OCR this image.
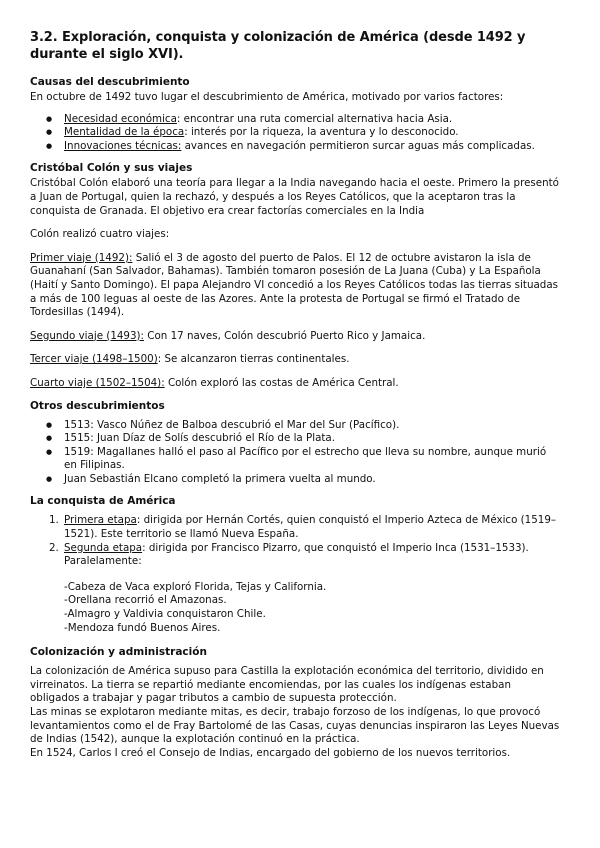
3.2. Exploración, conquista y colonización de América (desde 1492 y durante el siglo XVI).
Causas del descubrimiento

En octubre de 1492 tuvo lugar el descubrimiento de América, motivado por varios factores:

● Necesidad económica: encontrar una ruta comercial alternativa hacia Asia.
● Mentalidad de la época: interés por la riqueza, la aventura y lo desconocido.
● Innovaciones técnicas: avances en navegación permitieron surcar aguas más complicadas.
Cristóbal Colón y sus viajes

Cristóbal Colón elaboró una teoría para llegar a la India navegando hacia el oeste. Primero la presentó a Juan de Portugal, quien la rechazó, y después a los Reyes Católicos, que la aceptaron tras la conquista de Granada. El objetivo era crear factorías comerciales en la India

Colón realizó cuatro viajes:

Primer viaje (1492): Salió el 3 de agosto del puerto de Palos. El 12 de octubre avistaron la isla de Guanahaní (San Salvador, Bahamas). También tomaron posesión de La Juana (Cuba) y La Española (Haití y Santo Domingo). El papa Alejandro VI concedió a los Reyes Católicos todas las tierras situadas a más de 100 leguas al oeste de las Azores. Ante la protesta de Portugal se firmó el Tratado de Tordesillas (1494).

Segundo viaje (1493): Con 17 naves, Colón descubrió Puerto Rico y Jamaica.

Tercer viaje (1498–1500): Se alcanzaron tierras continentales.

Cuarto viaje (1502–1504): Colón exploró las costas de América Central.

Otros descubrimientos
● 1513: Vasco Núñez de Balboa descubrió el Mar del Sur (Pacífico).
● 1515: Juan Díaz de Solís descubrió el Río de la Plata.
● 1519: Magallanes halló el paso al Pacífico por el estrecho que lleva su nombre, aunque murió en Filipinas.
● Juan Sebastián Elcano completó la primera vuelta al mundo.
La conquista de América
1. Primera etapa: dirigida por Hernán Cortés, quien conquistó el Imperio Azteca de México (1519–1521). Este territorio se llamó Nueva España.
2. Segunda etapa: dirigida por Francisco Pizarro, que conquistó el Imperio Inca (1531–1533). Paralelamente:

-Cabeza de Vaca exploró Florida, Tejas y California.

-Orellana recorrió el Amazonas.

-Almagro y Valdivia conquistaron Chile.

-Mendoza fundó Buenos Aires.

Colonización y administración

La colonización de América supuso para Castilla la explotación económica del territorio, dividido en virreinatos. La tierra se repartió mediante encomiendas, por las cuales los indígenas estaban obligados a trabajar y pagar tributos a cambio de supuesta protección.

Las minas se explotaron mediante mitas, es decir, trabajo forzoso de los indígenas, lo que provocó levantamientos como el de Fray Bartolomé de las Casas, cuyas denuncias inspiraron las Leyes Nuevas de Indias (1542), aunque la explotación continuó en la práctica.

En 1524, Carlos I creó el Consejo de Indias, encargado del gobierno de los nuevos territorios.
